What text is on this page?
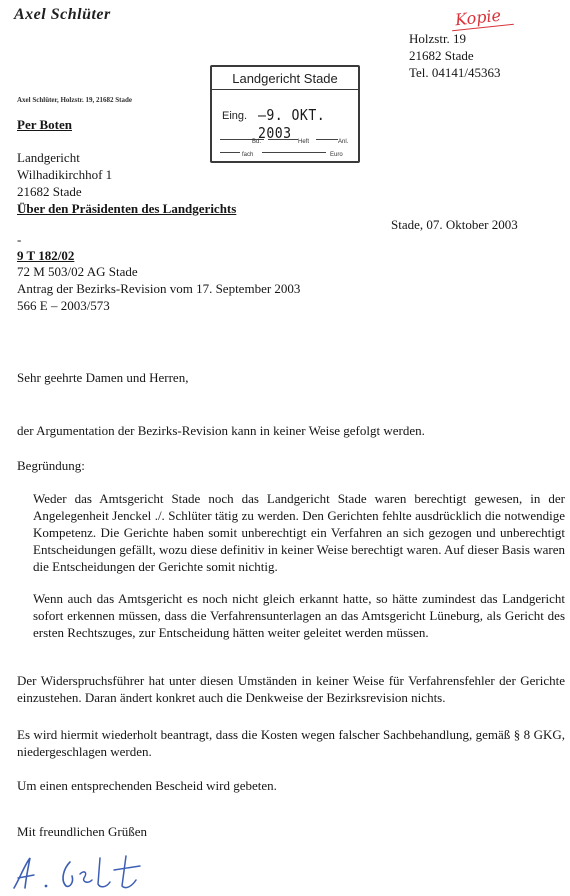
Axel Schlüter	Kopie
Holzstr. 19
21682 Stade
Tel. 04141/45363
Axel Schlüter, Holzstr. 19, 21682 Stade
Per Boten
Landgericht
Wilhadikirchhof 1
21682 Stade
Über den Präsidenten des Landgerichts
Landgericht Stade
Eing. —9. OKT. 2003
Bd.	Heft	Anl.
fach	Euro
Stade, 07. Oktober 2003
-
9 T 182/02
72 M 503/02 AG Stade
Antrag der Bezirks-Revision vom 17. September 2003
566 E – 2003/573
Sehr geehrte Damen und Herren,
der Argumentation der Bezirks-Revision kann in keiner Weise gefolgt werden.
Begründung:
Weder das Amtsgericht Stade noch das Landgericht Stade waren berechtigt gewesen, in der Angelegenheit Jenckel ./. Schlüter tätig zu werden. Den Gerichten fehlte ausdrücklich die notwendige Kompetenz. Die Gerichte haben somit unberechtigt ein Verfahren an sich gezogen und unberechtigt Entscheidungen gefällt, wozu diese definitiv in keiner Weise berechtigt waren. Auf dieser Basis waren die Entscheidungen der Gerichte somit nichtig.
Wenn auch das Amtsgericht es noch nicht gleich erkannt hatte, so hätte zumindest das Landgericht sofort erkennen müssen, dass die Verfahrensunterlagen an das Amtsgericht Lüneburg, als Gericht des ersten Rechtszuges, zur Entscheidung hätten weiter geleitet werden müssen.
Der Widerspruchsführer hat unter diesen Umständen in keiner Weise für Verfahrensfehler der Gerichte einzustehen. Daran ändert konkret auch die Denkweise der Bezirksrevision nichts.
Es wird hiermit wiederholt beantragt, dass die Kosten wegen falscher Sachbehandlung, gemäß § 8 GKG, niedergeschlagen werden.
Um einen entsprechenden Bescheid wird gebeten.
Mit freundlichen Grüßen
